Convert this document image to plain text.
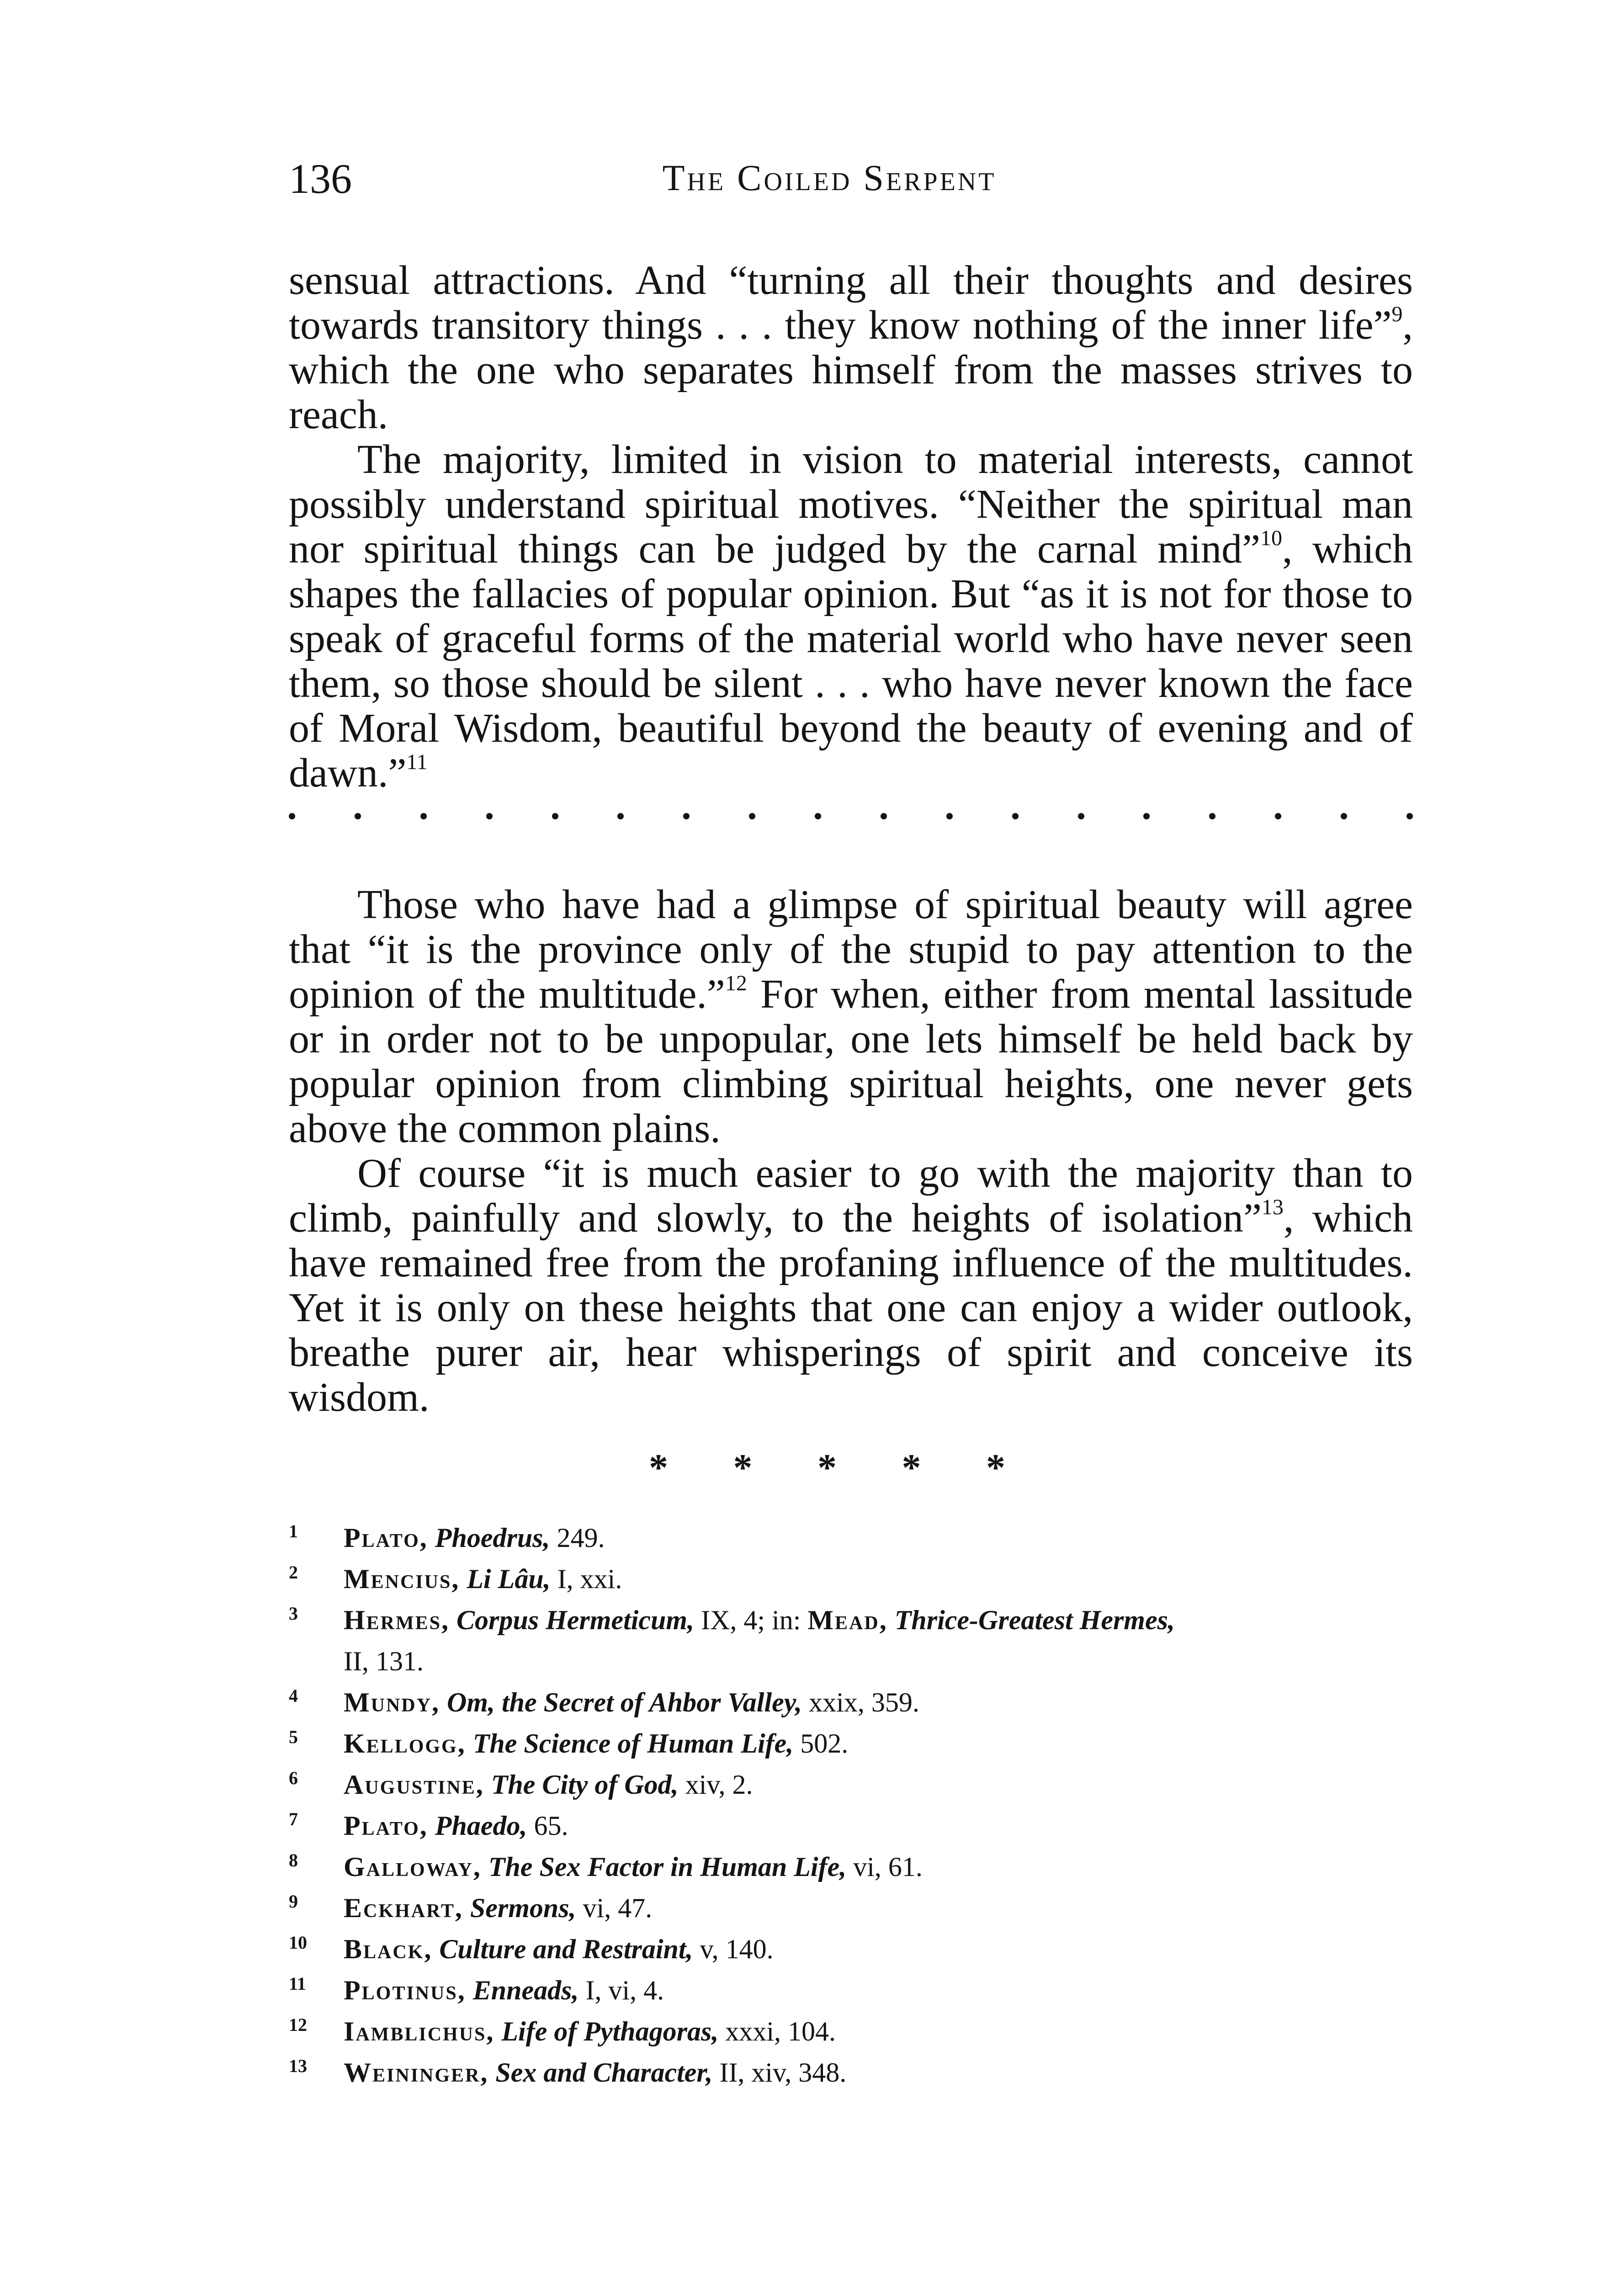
136	The Coiled Serpent

sensual attractions. And “turning all their thoughts and desires towards transitory things . . . they know nothing of the inner life”$^9$, which the one who separates himself from the masses strives to reach.

The majority, limited in vision to material interests, cannot possibly understand spiritual motives. “Neither the spiritual man nor spiritual things can be judged by the carnal mind”$^{10}$, which shapes the fallacies of popular opinion. But “as it is not for those to speak of graceful forms of the material world who have never seen them, so those should be silent . . . who have never known the face of Moral Wisdom, beautiful beyond the beauty of evening and of dawn.”$^{11}$

Those who have had a glimpse of spiritual beauty will agree that “it is the province only of the stupid to pay attention to the opinion of the multitude.”$^{12}$ For when, either from mental lassitude or in order not to be unpopular, one lets himself be held back by popular opinion from climbing spiritual heights, one never gets above the common plains.

Of course “it is much easier to go with the majority than to climb, painfully and slowly, to the heights of isolation”$^{13}$, which have remained free from the profaning influence of the multitudes. Yet it is only on these heights that one can enjoy a wider outlook, breathe purer air, hear whisperings of spirit and conceive its wisdom.

* * * * *

1	Plato, Phoedrus, 249.

2	Mencius, Li Lâu, I, xxi.

3	Hermes, Corpus Hermeticum, IX, 4; in: Mead, Thrice-Greatest Hermes,
II, 131.

4	Mundy, Om, the Secret of Ahbor Valley, xxix, 359.

5	Kellogg, The Science of Human Life, 502.

6	Augustine, The City of God, xiv, 2.

7	Plato, Phaedo, 65.

8	Galloway, The Sex Factor in Human Life, vi, 61.

9	Eckhart, Sermons, vi, 47.

10	Black, Culture and Restraint, v, 140.

11	Plotinus, Enneads, I, vi, 4.

12	Iamblichus, Life of Pythagoras, xxxi, 104.

13	Weininger, Sex and Character, II, xiv, 348.
